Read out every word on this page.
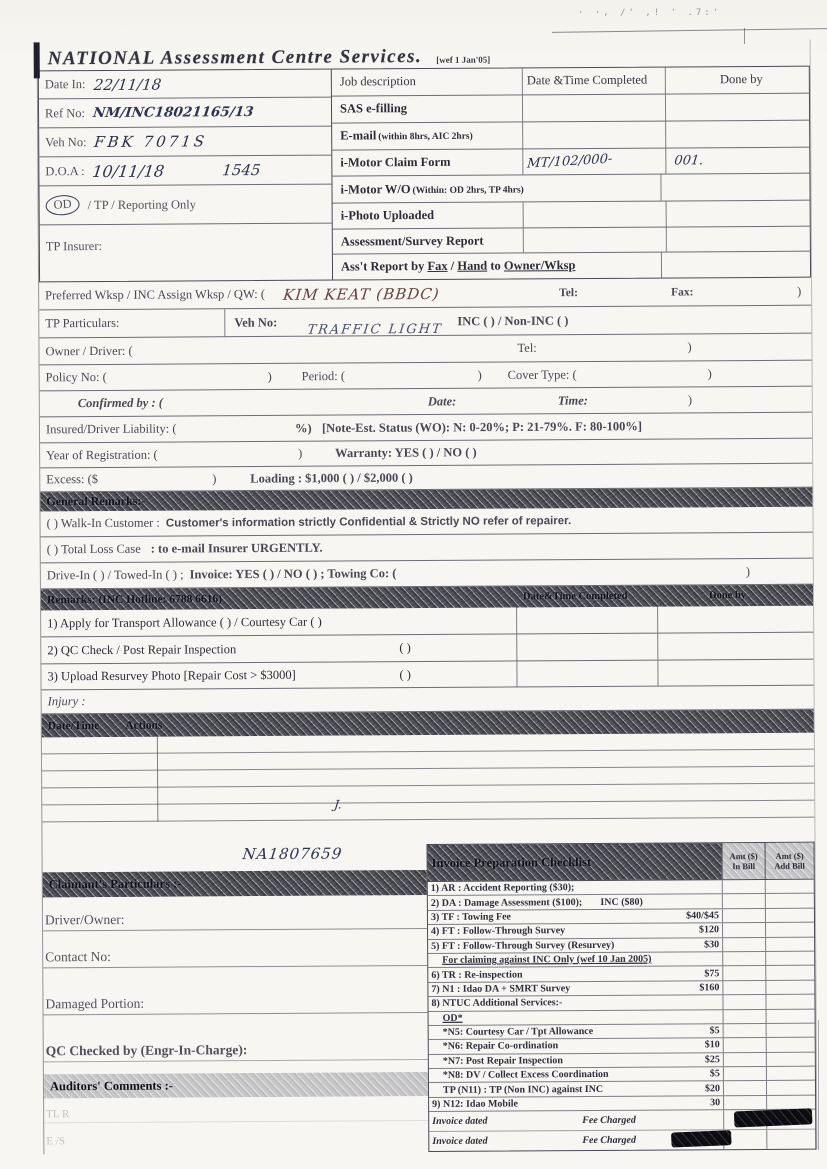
· ·, /' ,! ' .7:'
NATIONAL Assessment Centre Services. [wef 1 Jan'05]
Date In: 22/11/18
Ref No: NM/INC18021165/13
Veh No: FBK 7071S
D.O.A : 10/11/18	1545
OD	/ TP / Reporting Only
TP Insurer:
Job description	Date &Time Completed	Done by
SAS e-filling
E-mail (within 8hrs, AIC 2hrs)
i-Motor Claim Form	MT/102/000-	001.
i-Motor W/O (Within: OD 2hrs, TP 4hrs)
i-Photo Uploaded
Assessment/Survey Report
Ass't Report by Fax / Hand to Owner/Wksp
Preferred Wksp / INC Assign Wksp / QW: ( KIM KEAT (BBDC)	Tel:	Fax:	)
TP Particulars:	Veh No: TRAFFIC LIGHT
INC ( ) / Non-INC ( )
Owner / Driver: (	Tel:	)
Policy No: (	) Period: (	) Cover Type: (	)
Confirmed by : (	Date:	Time:	)
Insured/Driver Liability: (	%) [Note-Est. Status (WO): N: 0-20%; P: 21-79%. F: 80-100%]
Year of Registration: (	)	Warranty: YES ( ) / NO ( )
Excess: ($	)	Loading : $1,000 ( ) / $2,000 ( )
General Remarks:-
( ) Walk-In Customer : Customer's information strictly Confidential & Strictly NO refer of repairer.
( ) Total Loss Case : to e-mail Insurer URGENTLY.
Drive-In ( ) / Towed-In ( ) ; Invoice: YES ( ) / NO ( ) ; Towing Co: (	)
Remarks: (INC Hotline: 6788 6616)	Date&Time Completed	Done by
1) Apply for Transport Allowance ( ) / Courtesy Car ( )
2) QC Check / Post Repair Inspection	( )
3) Upload Resurvey Photo [Repair Cost > $3000]	( )
Injury :
Date/Time Actions
J.
NA1807659
Claimant's Particulars :-
Driver/Owner:
Contact No:
Damaged Portion:
QC Checked by (Engr-In-Charge):
Auditors' Comments :-
TL R
E /S
Invoice Preparation Checklist	Amt ($)
In Bill
Amt ($)
Add Bill
1) AR : Accident Reporting ($30);
2) DA : Damage Assessment ($100);	INC ($80)
3) TF : Towing Fee	$40/$45
4) FT : Follow-Through Survey	$120
5) FT : Follow-Through Survey (Resurvey)	$30
For claiming against INC Only (wef 10 Jan 2005)
6) TR : Re-inspection	$75
7) N1 : Idao DA + SMRT Survey	$160
8) NTUC Additional Services:-
OD*
*N5: Courtesy Car / Tpt Allowance	$5
*N6: Repair Co-ordination	$10
*N7: Post Repair Inspection	$25
*N8: DV / Collect Excess Coordination	$5
TP (N11) : TP (Non INC) against INC	$20
9) N12: Idao Mobile	30
Invoice dated	Fee Charged
Invoice dated	Fee Charged
